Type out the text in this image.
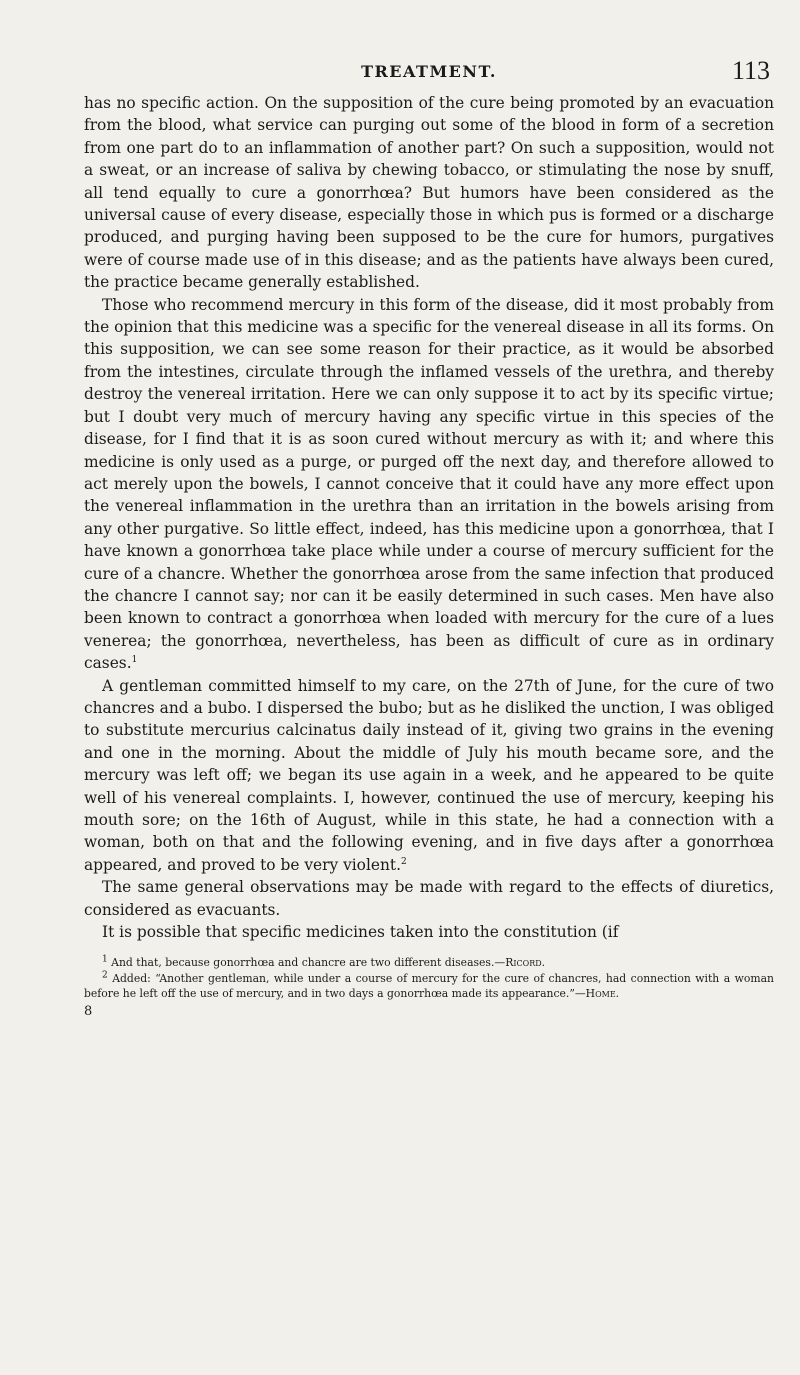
TREATMENT.	113

has no specific action. On the supposition of the cure being promoted by an evacuation from the blood, what service can purging out some of the blood in form of a secretion from one part do to an inflammation of another part? On such a supposition, would not a sweat, or an increase of saliva by chewing tobacco, or stimulating the nose by snuff, all tend equally to cure a gonorrhœa? But humors have been considered as the universal cause of every disease, especially those in which pus is formed or a discharge produced, and purging having been supposed to be the cure for humors, purgatives were of course made use of in this disease; and as the patients have always been cured, the practice became generally established.

Those who recommend mercury in this form of the disease, did it most probably from the opinion that this medicine was a specific for the venereal disease in all its forms. On this supposition, we can see some reason for their practice, as it would be absorbed from the intestines, circulate through the inflamed vessels of the urethra, and thereby destroy the venereal irritation. Here we can only suppose it to act by its specific virtue; but I doubt very much of mercury having any specific virtue in this species of the disease, for I find that it is as soon cured without mercury as with it; and where this medicine is only used as a purge, or purged off the next day, and therefore allowed to act merely upon the bowels, I cannot conceive that it could have any more effect upon the venereal inflammation in the urethra than an irritation in the bowels arising from any other purgative. So little effect, indeed, has this medicine upon a gonorrhœa, that I have known a gonorrhœa take place while under a course of mercury sufficient for the cure of a chancre. Whether the gonorrhœa arose from the same infection that produced the chancre I cannot say; nor can it be easily determined in such cases. Men have also been known to contract a gonorrhœa when loaded with mercury for the cure of a lues venerea; the gonorrhœa, nevertheless, has been as difficult of cure as in ordinary cases.$^1$

A gentleman committed himself to my care, on the 27th of June, for the cure of two chancres and a bubo. I dispersed the bubo; but as he disliked the unction, I was obliged to substitute mercurius calcinatus daily instead of it, giving two grains in the evening and one in the morning. About the middle of July his mouth became sore, and the mercury was left off; we began its use again in a week, and he appeared to be quite well of his venereal complaints. I, however, continued the use of mercury, keeping his mouth sore; on the 16th of August, while in this state, he had a connection with a woman, both on that and the following evening, and in five days after a gonorrhœa appeared, and proved to be very violent.$^2$

The same general observations may be made with regard to the effects of diuretics, considered as evacuants.

It is possible that specific medicines taken into the constitution (if

$^1$ And that, because gonorrhœa and chancre are two different diseases.—Ricord.

$^2$ Added: “Another gentleman, while under a course of mercury for the cure of chancres, had connection with a woman before he left off the use of mercury, and in two days a gonorrhœa made its appearance.”—Home.

8
